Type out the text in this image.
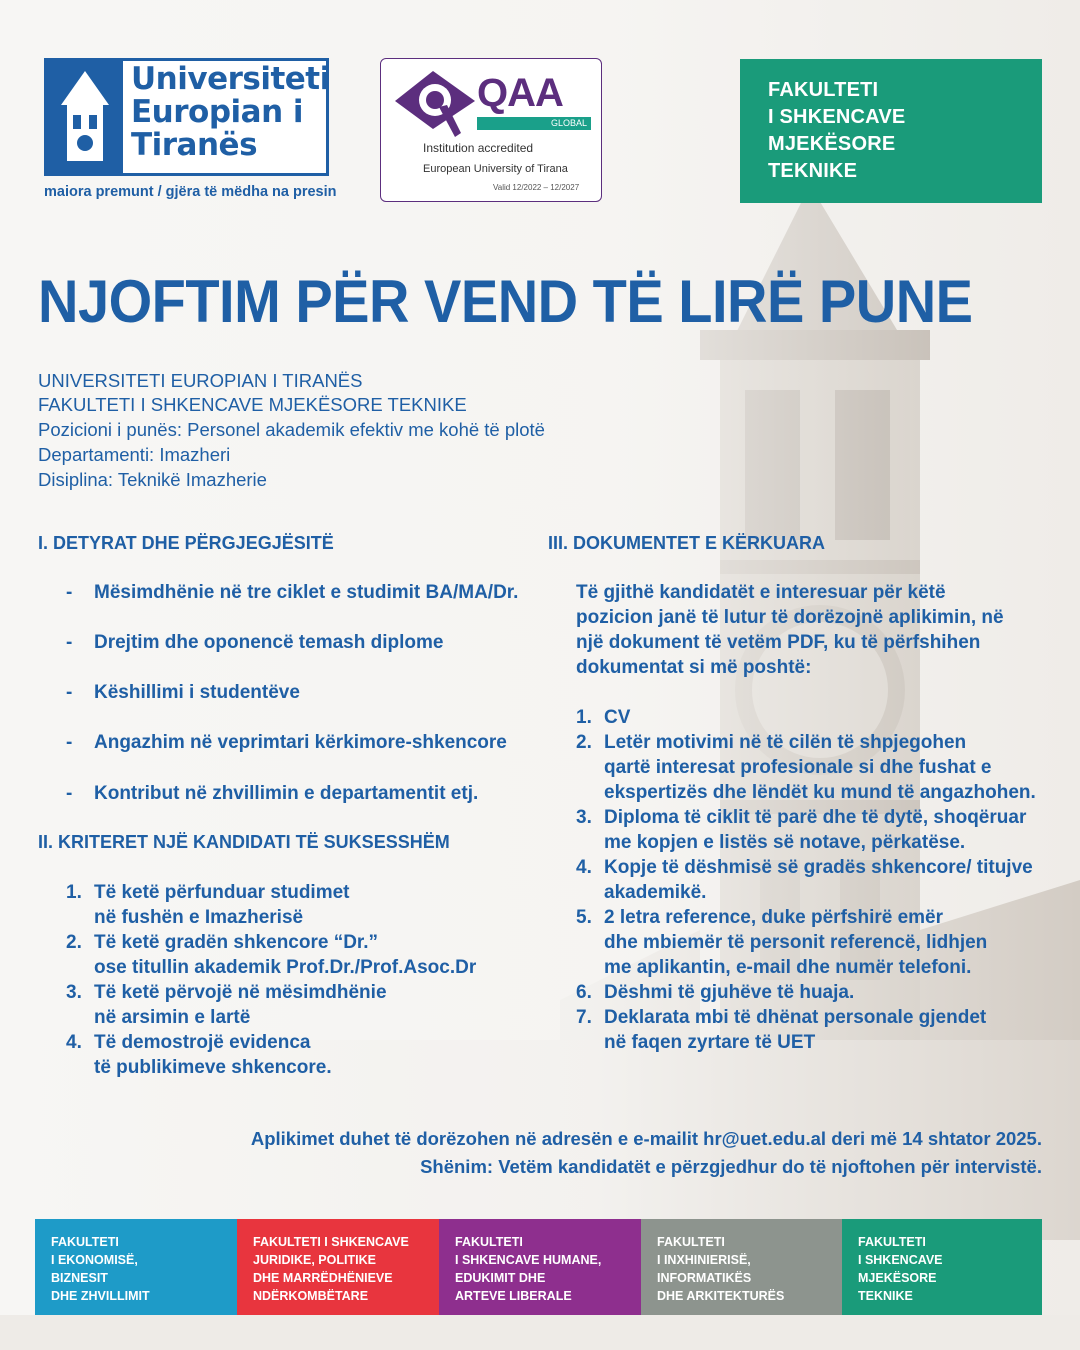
Universiteti
Europian i
Tiranës
maiora premunt / gjëra të mëdha na presin
QAA
GLOBAL
Institution accredited
European University of Tirana
Valid 12/2022 – 12/2027
FAKULTETI
I SHKENCAVE
MJEKËSORE
TEKNIKE
NJOFTIM PËR VEND TË LIRË PUNE
UNIVERSITETI EUROPIAN I TIRANËS
FAKULTETI I SHKENCAVE MJEKËSORE TEKNIKE
Pozicioni i punës: Personel akademik efektiv me kohë të plotë
Departamenti: Imazheri
Disiplina: Teknikë Imazherie
I. DETYRAT DHE PËRGJEGJËSITË
- Mësimdhënie në tre ciklet e studimit BA/MA/Dr.
- Drejtim dhe oponencë temash diplome
- Këshillimi i studentëve
- Angazhim në veprimtari kërkimore-shkencore
- Kontribut në zhvillimin e departamentit etj.
II. KRITERET NJË KANDIDATI TË SUKSESSHËM
1. Të ketë përfunduar studimet
në fushën e Imazherisë
2. Të ketë gradën shkencore “Dr.”
ose titullin akademik Prof.Dr./Prof.Asoc.Dr
3. Të ketë përvojë në mësimdhënie
në arsimin e lartë
4. Të demostrojë evidenca
të publikimeve shkencore.
III. DOKUMENTET E KËRKUARA
Të gjithë kandidatët e interesuar për këtë
pozicion janë të lutur të dorëzojnë aplikimin, në
një dokument të vetëm PDF, ku të përfshihen
dokumentat si më poshtë:
1. CV
2. Letër motivimi në të cilën të shpjegohen
qartë interesat profesionale si dhe fushat e
ekspertizës dhe lëndët ku mund të angazhohen.
3. Diploma të ciklit të parë dhe të dytë, shoqëruar
me kopjen e listës së notave, përkatëse.
4. Kopje të dëshmisë së gradës shkencore/ titujve
akademikë.
5. 2 letra reference, duke përfshirë emër
dhe mbiemër të personit referencë, lidhjen
me aplikantin, e-mail dhe numër telefoni.
6. Dëshmi të gjuhëve të huaja.
7. Deklarata mbi të dhënat personale gjendet
në faqen zyrtare të UET
Aplikimet duhet të dorëzohen në adresën e e-mailit hr@uet.edu.al deri më 14 shtator 2025.
Shënim: Vetëm kandidatët e përzgjedhur do të njoftohen për intervistë.
FAKULTETI
I EKONOMISË,
BIZNESIT
DHE ZHVILLIMIT
FAKULTETI I SHKENCAVE
JURIDIKE, POLITIKE
DHE MARRËDHËNIEVE
NDËRKOMBËTARE
FAKULTETI
I SHKENCAVE HUMANE,
EDUKIMIT DHE
ARTEVE LIBERALE
FAKULTETI
I INXHINIERISË,
INFORMATIKËS
DHE ARKITEKTURËS
FAKULTETI
I SHKENCAVE
MJEKËSORE
TEKNIKE
